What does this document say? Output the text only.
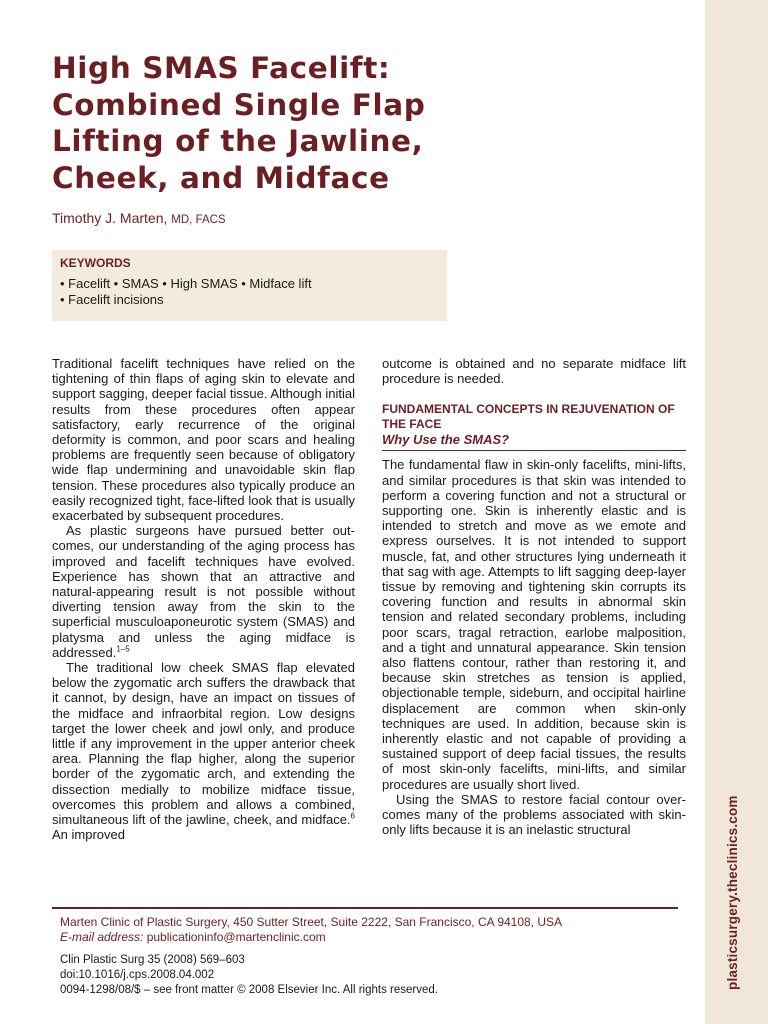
plasticsurgery.theclinics.com
High SMAS Facelift:
Combined Single Flap
Lifting of the Jawline,
Cheek, and Midface
Timothy J. Marten, MD, FACS
KEYWORDS
• Facelift • SMAS • High SMAS • Midface lift
• Facelift incisions

Traditional facelift techniques have relied on the tightening of thin flaps of aging skin to elevate and support sagging, deeper facial tissue. Although initial results from these procedures often appear satisfactory, early recurrence of the original deformity is common, and poor scars and healing problems are frequently seen because of obligatory wide flap undermining and unavoidable skin flap tension. These procedures also typically produce an easily recognized tight, face-lifted look that is usually exacerbated by subsequent procedures.

As plastic surgeons have pursued better outcomes, our understanding of the aging process has improved and facelift techniques have evolved. Experience has shown that an attractive and natural-appearing result is not possible without diverting tension away from the skin to the superficial musculoaponeurotic system (SMAS) and platysma and unless the aging midface is addressed.$^{1-5}$

The traditional low cheek SMAS flap elevated below the zygomatic arch suffers the drawback that it cannot, by design, have an impact on tissues of the midface and infraorbital region. Low designs target the lower cheek and jowl only, and produce little if any improvement in the upper anterior cheek area. Planning the flap higher, along the superior border of the zygomatic arch, and extending the dissection medially to mobilize midface tissue, overcomes this problem and allows a combined, simultaneous lift of the jawline, cheek, and midface.$^6$ An improved

outcome is obtained and no separate midface lift procedure is needed.

FUNDAMENTAL CONCEPTS IN REJUVENATION OF THE FACE
Why Use the SMAS?

The fundamental flaw in skin-only facelifts, mini-lifts, and similar procedures is that skin was intended to perform a covering function and not a structural or supporting one. Skin is inherently elastic and is intended to stretch and move as we emote and express ourselves. It is not intended to support muscle, fat, and other structures lying underneath it that sag with age. Attempts to lift sagging deep-layer tissue by removing and tightening skin corrupts its covering function and results in abnormal skin tension and related secondary problems, including poor scars, tragal retraction, earlobe malposition, and a tight and unnatural appearance. Skin tension also flattens contour, rather than restoring it, and because skin stretches as tension is applied, objectionable temple, sideburn, and occipital hairline displacement are common when skin-only techniques are used. In addition, because skin is inherently elastic and not capable of providing a sustained support of deep facial tissues, the results of most skin-only facelifts, mini-lifts, and similar procedures are usually short lived.

Using the SMAS to restore facial contour overcomes many of the problems associated with skin-only lifts because it is an inelastic structural

Marten Clinic of Plastic Surgery, 450 Sutter Street, Suite 2222, San Francisco, CA 94108, USA
E-mail address: publicationinfo@martenclinic.com
Clin Plastic Surg 35 (2008) 569–603
doi:10.1016/j.cps.2008.04.002
0094-1298/08/$ – see front matter © 2008 Elsevier Inc. All rights reserved.
